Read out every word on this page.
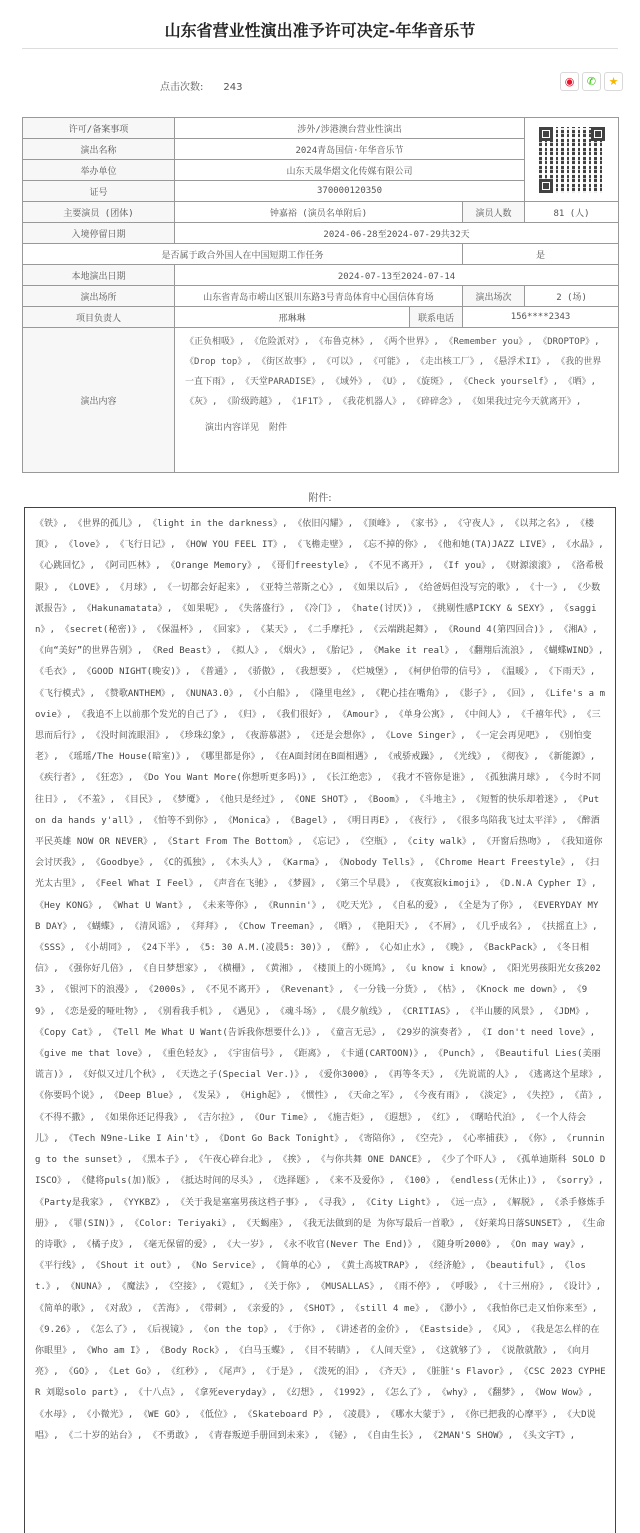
山东省营业性演出准予许可决定-年华音乐节
点击次数: 243	◉	✆	★
许可/备案事项	涉外/涉港澳台营业性演出			

演出名称	2024青岛国信·年华音乐节			
举办单位	山东天晟华熠文化传媒有限公司			
证号	370000120350			
主要演员 (团体)	钟嘉裕 (演员名单附后)		演员人数	81 (人)
入境停留日期	2024-06-28至2024-07-29共32天			
是否属于政合外国人在中国短期工作任务			是	
本地演出日期	2024-07-13至2024-07-14			
演出场所	山东省青岛市崂山区银川东路3号青岛体育中心国信体育场		演出场次	2 (场)
项目负责人	邢琳琳	联系电话	156****2343	
演出内容	《正负相吸》, 《危险派对》, 《布鲁克林》, 《两个世界》, 《Remember you》, 《DROPTOP》, 《Drop top》, 《街区故事》, 《可以》, 《可能》, 《走出核工厂》, 《悬浮术II》, 《我的世界一直下雨》, 《天堂PARADISE》, 《域外》, 《U》, 《旋斑》, 《Check yourself》, 《晒》, 《灰》, 《阶级跨越》, 《1F1T》, 《我花机器人》, 《碎碎念》, 《如果我过完今天就离开》,
演出内容详见 附件			
附件:
《铁》, 《世界的孤儿》, 《light in the darkness》, 《依旧闪耀》, 《顶峰》, 《家书》, 《守夜人》, 《以邦之名》, 《楼顶》, 《love》, 《飞行日记》, 《HOW YOU FEEL IT》, 《飞檐走壁》, 《忘不掉的你》, 《他和她(TA)JAZZ LIVE》, 《水晶》, 《心跳回忆》, 《阿司匹林》, 《Orange Memory》, 《哥们freestyle》, 《不见不离开》, 《If you》, 《财源滚滚》, 《洛希极限》, 《LOVE》, 《月球》, 《一切都会好起来》, 《亚特兰蒂斯之心》, 《如果以后》, 《给爸妈但没写完的歌》, 《十一》, 《少数派报告》, 《Hakunamatata》, 《如果呢》, 《失落盛行》, 《冷门》, 《hate(讨厌)》, 《挑剔性感PICKY & SEXY》, 《saggin》, 《secret(秘密)》, 《保温杯》, 《回家》, 《某天》, 《二手摩托》, 《云端跳起舞》, 《Round 4(第四回合)》, 《湘A》, 《向“美好”的世界告别》, 《Red Beast》, 《拟人》, 《烟火》, 《胎记》, 《Make it real》, 《翻翔后流浪》, 《蝴蝶WIND》, 《毛衣》, 《GOOD NIGHT(晚安)》, 《普通》, 《骄傲》, 《我想要》, 《烂城堡》, 《柯伊伯带的信号》, 《温暖》, 《下雨天》, 《飞行模式》, 《赞歌ANTHEM》, 《NUNA3.0》, 《小白船》, 《隆里电丝》, 《靶心挂在嘴角》, 《影子》, 《回》, 《Life's a movie》, 《我追不上以前那个发光的自己了》, 《归》, 《我们很好》, 《Amour》, 《单身公寓》, 《中间人》, 《千禧年代》, 《三思而后行》, 《没时间流眼泪》, 《珍珠幻象》, 《夜游慕湛》, 《还是会想你》, 《Love Singer》, 《一定会再见吧》, 《别怕变老》, 《瑶瑶/The House(暗室)》, 《哪里都是你》, 《在A面封闭在B面相遇》, 《戒骄戒躁》, 《光线》, 《彻夜》, 《新能源》, 《疾行者》, 《狂恋》, 《Do You Want More(你想听更多吗)》, 《长江绝恋》, 《我才不管你是谁》, 《孤独满月球》, 《今时不同往日》, 《不羞》, 《目民》, 《梦魇》, 《他只是经过》, 《ONE SHOT》, 《Boom》, 《斗地主》, 《短暂的快乐却着迷》, 《Put on da hands y'all》, 《怕等不到你》, 《Monica》, 《Bagel》, 《明日再E》, 《夜行》, 《很多鸟陪我飞过太平洋》, 《醉酒平民英雄 NOW OR NEVER》, 《Start From The Bottom》, 《忘记》, 《空瓶》, 《city walk》, 《开窗后热吻》, 《我知道你会讨厌我》, 《Goodbye》, 《C的孤独》, 《木头人》, 《Karma》, 《Nobody Tells》, 《Chrome Heart Freestyle》, 《扫光太古里》, 《Feel What I Feel》, 《声音在飞驰》, 《梦圆》, 《第三个早晨》, 《夜寞寂kimoji》, 《D.N.A Cypher I》, 《Hey KONG》, 《What U Want》, 《未来等你》, 《Runnin'》, 《吃天光》, 《自私的爱》, 《全是为了你》, 《EVERYDAY MY B DAY》, 《蝴蝶》, 《清风谣》, 《拜拜》, 《Chow Treeman》, 《晒》, 《艳阳天》, 《不屑》, 《几乎成名》, 《扶摇直上》, 《SSS》, 《小胡同》, 《24下半》, 《5: 30 A.M.(凌晨5: 30)》, 《醉》, 《心如止水》, 《晚》, 《BackPack》, 《冬日相信》, 《强你好几倍》, 《自日梦想家》, 《横栅》, 《黄湘》, 《楼顶上的小斑鸠》, 《u know i know》, 《阳光男孩阳光女孩2023》, 《银河下的浪漫》, 《2000s》, 《不见不离开》, 《Revenant》, 《一分钱一分货》, 《枯》, 《Knock me down》, 《99》, 《恋是爱的哑吐物》, 《别看我手机》, 《遇见》, 《魂斗场》, 《晨夕航线》, 《CRITIAS》, 《半山腰的风景》, 《JDM》, 《Copy Cat》, 《Tell Me What U Want(告诉我你想要什么)》, 《童言无忌》, 《29岁的演奏者》, 《I don't need love》, 《give me that love》, 《重色轻友》, 《宇宙信号》, 《距离》, 《卡通(CARTOON)》, 《Punch》, 《Beautiful Lies(美丽谎言)》, 《好似又过几个秋》, 《天选之子(Special Ver.)》, 《爱你3000》, 《再等冬天》, 《先说谎的人》, 《逃离这个星球》, 《你要吗个说》, 《Deep Blue》, 《发呆》, 《High起》, 《惯性》, 《天命之军》, 《今夜有雨》, 《淡定》, 《失控》, 《苗》, 《不得不撒》, 《如果你还记得我》, 《吉尔拉》, 《Our Time》, 《施吉炬》, 《遐想》, 《红》, 《曙哈代泊》, 《一个人待会儿》, 《Tech N9ne-Like I Ain't》, 《Dont Go Back Tonight》, 《寄陪你》, 《空壳》, 《心率捕获》, 《你》, 《running to the sunset》, 《黑本子》, 《午夜心碎台北》, 《挨》, 《与你共舞 ONE DANCE》, 《少了个吓人》, 《孤单迪斯科 SOLO DISCO》, 《健将puls(加)版》, 《抵达时间的尽头》, 《选择题》, 《来不及爱你》, 《100》, 《endless(无休止)》, 《sorry》, 《Party是我家》, 《YYKBZ》, 《关于我是塞塞男孩这档子事》, 《寻我》, 《City Light》, 《远一点》, 《解脱》, 《杀手修炼手册》, 《罪(SIN)》, 《Color: Teriyaki》, 《天蝎座》, 《我无法做到的是 为你写最后一首歌》, 《好莱坞日落SUNSET》, 《生命的诗歌》, 《橘子皮》, 《毫无保留的爱》, 《大一岁》, 《永不收官(Never The End)》, 《随身听2000》, 《On may way》, 《平行线》, 《Shout it out》, 《No Service》, 《简单的心》, 《黄土高坡TRAP》, 《经济舱》, 《beautiful》, 《lost.》, 《NUNA》, 《魔法》, 《空接》, 《霓虹》, 《关于你》, 《MUSALLAS》, 《雨不停》, 《呼吸》, 《十三州府》, 《设计》, 《简单的歌》, 《对敌》, 《苦海》, 《带刺》, 《亲爱的》, 《SHOT》, 《still 4 me》, 《渺小》, 《我怕你已走又怕你来至》, 《9.26》, 《怎么了》, 《后视镜》, 《on the top》, 《于你》, 《讲述者的金价》, 《Eastside》, 《风》, 《我是怎么样的在你眼里》, 《Who am I》, 《Body Rock》, 《白马玉蝶》, 《目不转睛》, 《人间天堂》, 《这就够了》, 《说散就散》, 《向月亮》, 《GO》, 《Let Go》, 《红秒》, 《尾声》, 《于是》, 《泼死的泪》, 《齐天》, 《脏脏's Flavor》, 《CSC 2023 CYPHER 刘聪solo part》, 《十八点》, 《拿死everyday》, 《幻想》, 《1992》, 《怎么了》, 《why》, 《翻梦》, 《Wow Wow》, 《水母》, 《小微光》, 《WE GO》, 《低位》, 《Skateboard P》, 《凌晨》, 《哪水大蒙于》, 《你已把我的心摩平》, 《大D说唱》, 《二十岁的站台》, 《不勇敢》, 《青春叛逆手册回到未来》, 《铋》, 《自由生长》, 《2MAN'S SHOW》, 《头文字T》,
